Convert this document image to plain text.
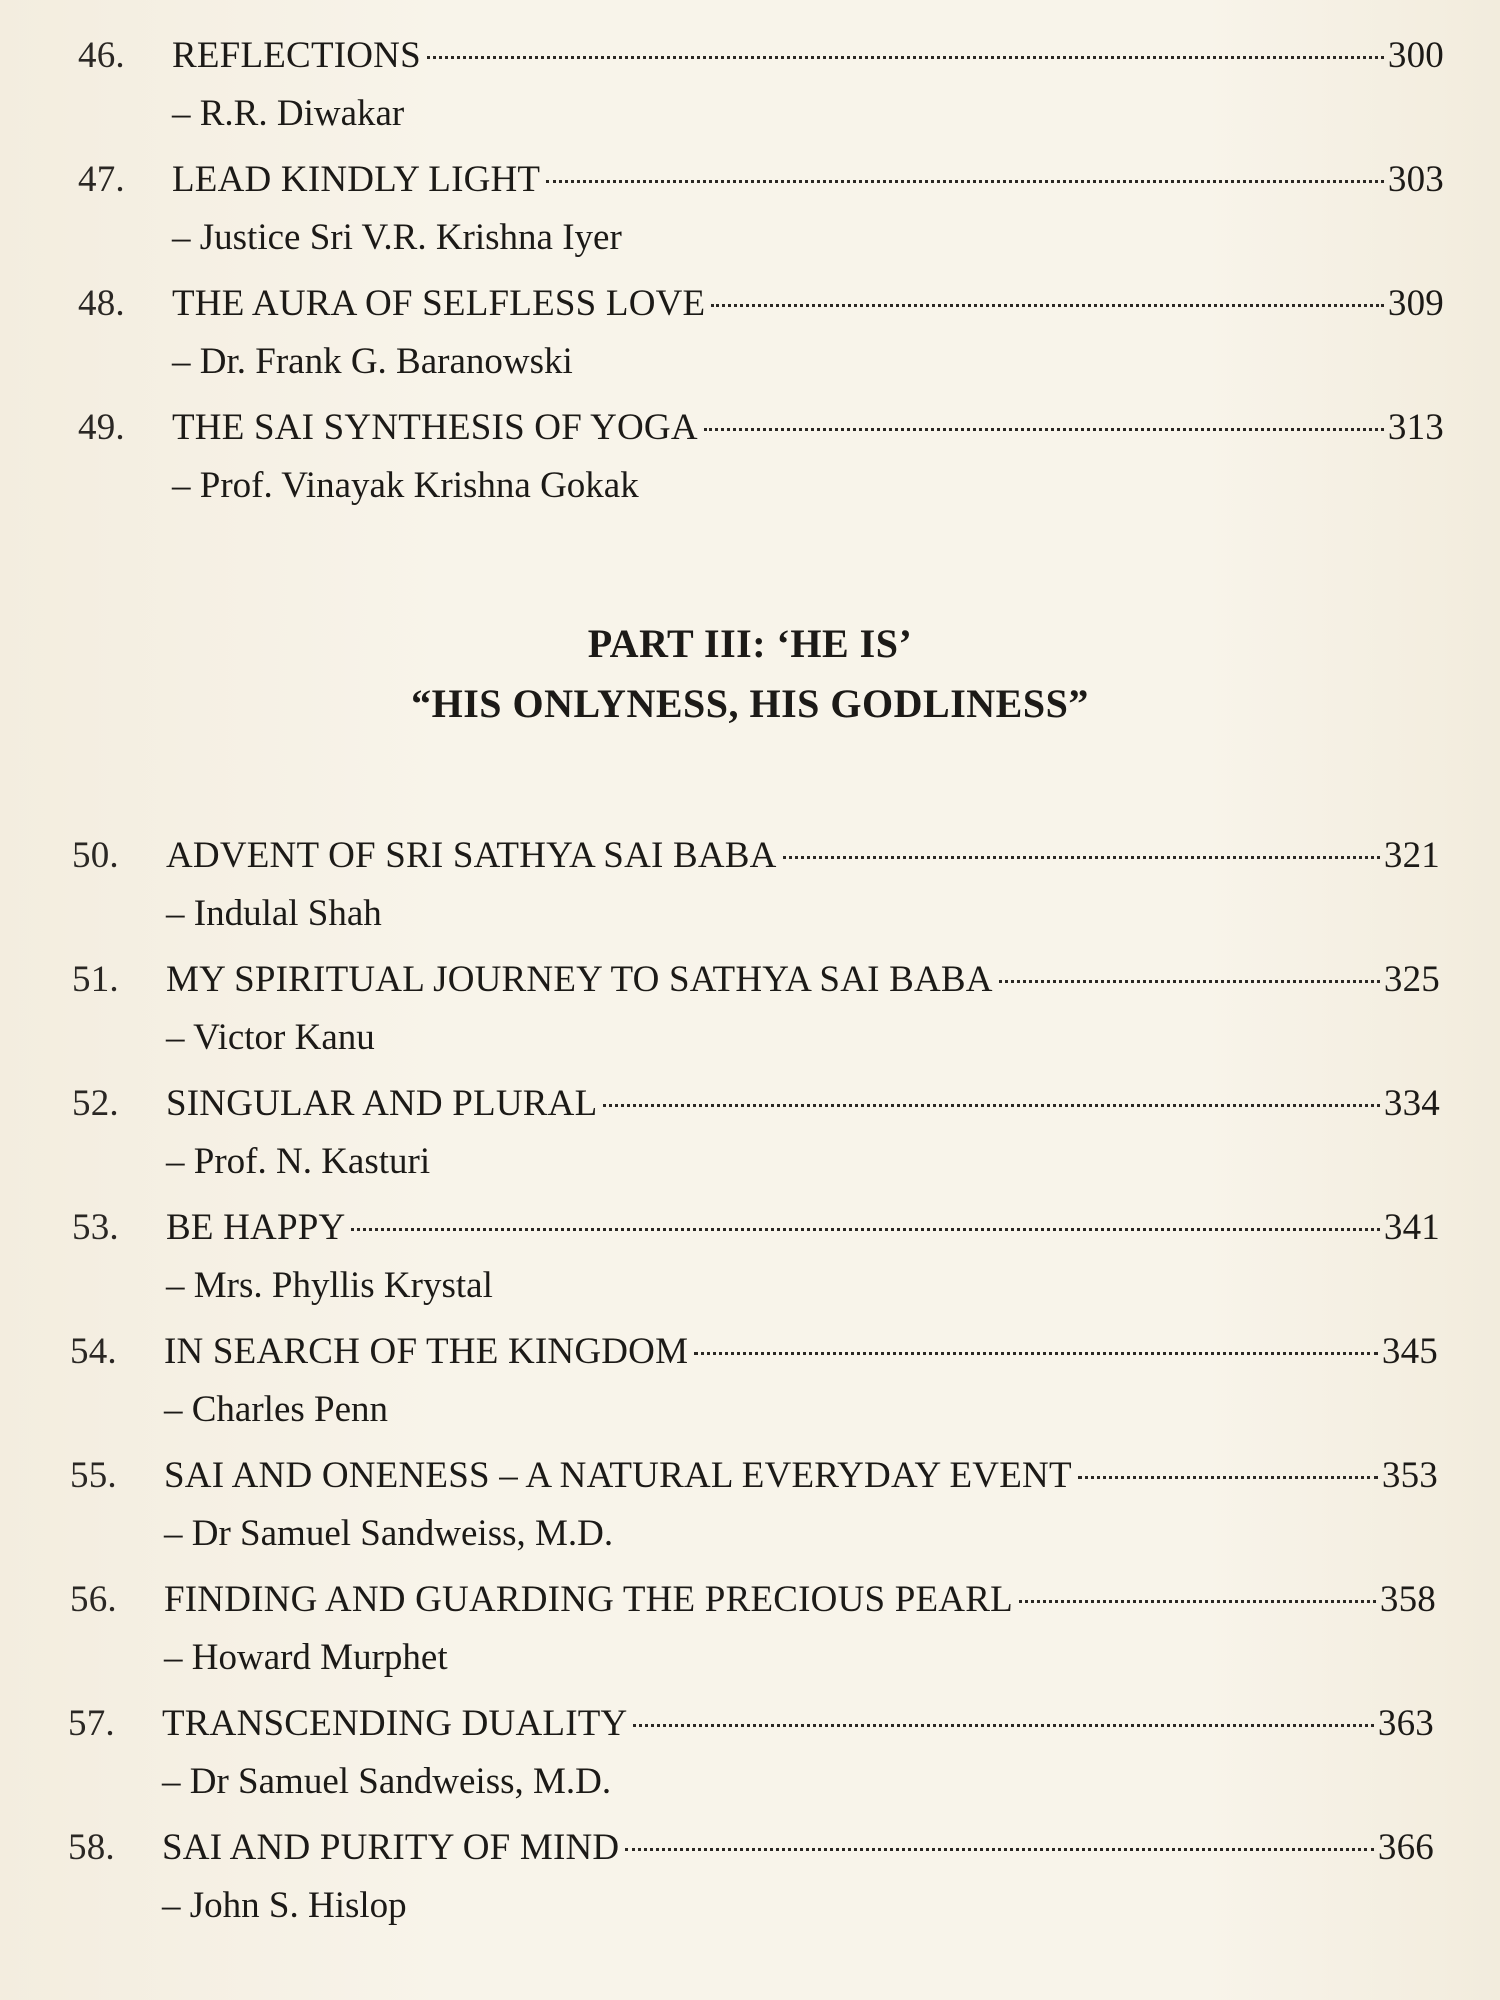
46.	REFLECTIONS	300
– R.R. Diwakar
47.	LEAD KINDLY LIGHT	303
– Justice Sri V.R. Krishna Iyer
48.	THE AURA OF SELFLESS LOVE	309
– Dr. Frank G. Baranowski
49.	THE SAI SYNTHESIS OF YOGA	313
– Prof. Vinayak Krishna Gokak
PART III: ‘HE IS’
“HIS ONLYNESS, HIS GODLINESS”
50.	ADVENT OF SRI SATHYA SAI BABA	321
– Indulal Shah
51.	MY SPIRITUAL JOURNEY TO SATHYA SAI BABA	325
– Victor Kanu
52.	SINGULAR AND PLURAL	334
– Prof. N. Kasturi
53.	BE HAPPY	341
– Mrs. Phyllis Krystal
54.	IN SEARCH OF THE KINGDOM	345
– Charles Penn
55.	SAI AND ONENESS – A NATURAL EVERYDAY EVENT	353
– Dr Samuel Sandweiss, M.D.
56.	FINDING AND GUARDING THE PRECIOUS PEARL	358
– Howard Murphet
57.	TRANSCENDING DUALITY	363
– Dr Samuel Sandweiss, M.D.
58.	SAI AND PURITY OF MIND	366
– John S. Hislop
